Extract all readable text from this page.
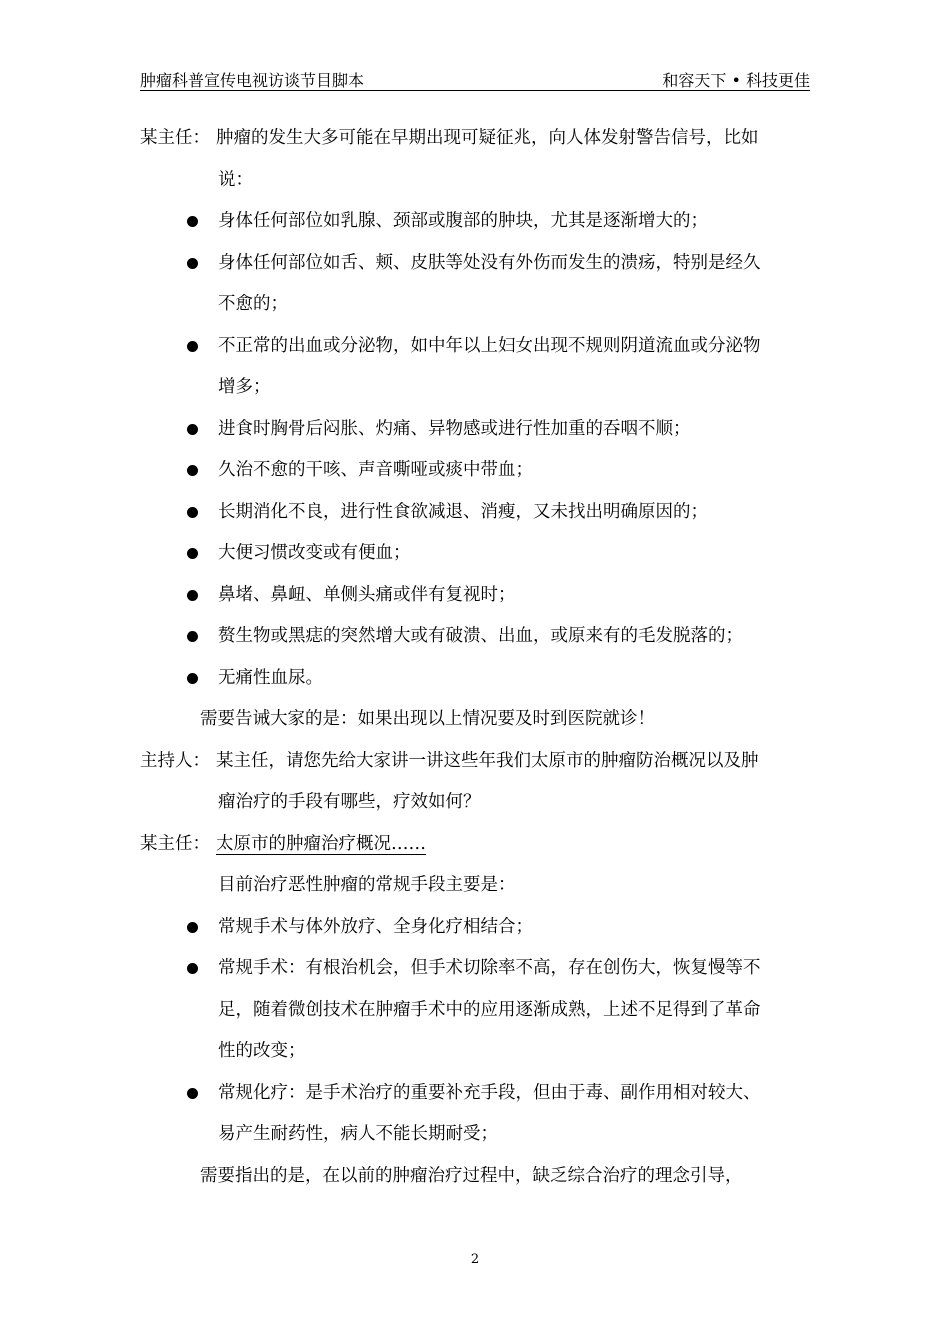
肿瘤科普宣传电视访谈节目脚本	和容天下 • 科技更佳
某主任： 肿瘤的发生大多可能在早期出现可疑征兆，向人体发射警告信号，比如
说：
身体任何部位如乳腺、颈部或腹部的肿块，尤其是逐渐增大的；
身体任何部位如舌、颊、皮肤等处没有外伤而发生的溃疡，特别是经久
不愈的；
不正常的出血或分泌物，如中年以上妇女出现不规则阴道流血或分泌物
增多；
进食时胸骨后闷胀、灼痛、异物感或进行性加重的吞咽不顺；
久治不愈的干咳、声音嘶哑或痰中带血；
长期消化不良，进行性食欲减退、消瘦，又未找出明确原因的；
大便习惯改变或有便血；
鼻堵、鼻衄、单侧头痛或伴有复视时；
赘生物或黑痣的突然增大或有破溃、出血，或原来有的毛发脱落的；
无痛性血尿。
需要告诫大家的是：如果出现以上情况要及时到医院就诊！
主持人： 某主任，请您先给大家讲一讲这些年我们太原市的肿瘤防治概况以及肿
瘤治疗的手段有哪些，疗效如何？
某主任： 太原市的肿瘤治疗概况……
目前治疗恶性肿瘤的常规手段主要是：
常规手术与体外放疗、全身化疗相结合；
常规手术：有根治机会，但手术切除率不高，存在创伤大，恢复慢等不
足，随着微创技术在肿瘤手术中的应用逐渐成熟，上述不足得到了革命
性的改变；
常规化疗：是手术治疗的重要补充手段，但由于毒、副作用相对较大、
易产生耐药性，病人不能长期耐受；
需要指出的是，在以前的肿瘤治疗过程中，缺乏综合治疗的理念引导，
2
